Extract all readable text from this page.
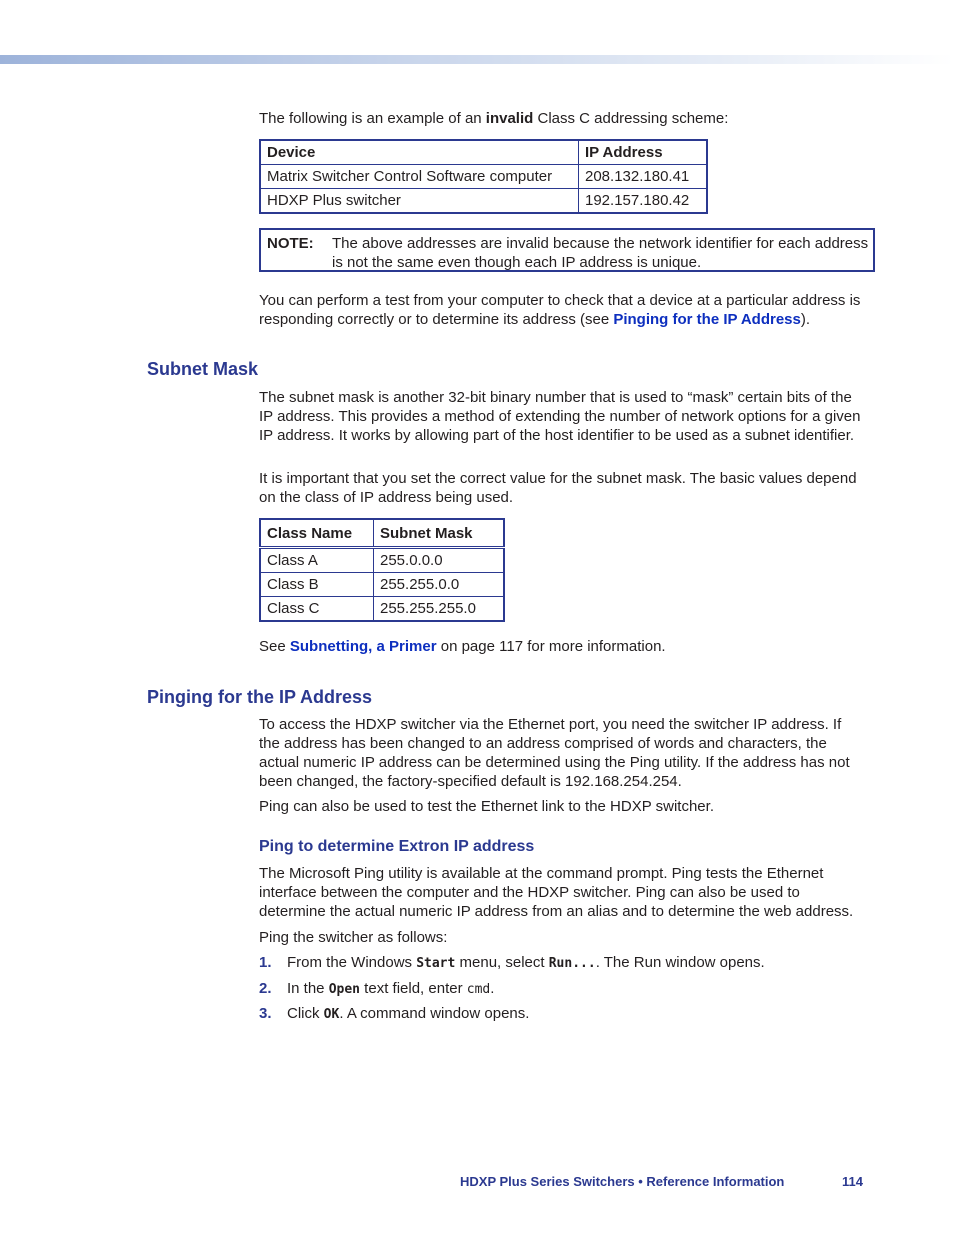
The following is an example of an invalid Class C addressing scheme:

Device	IP Address
Matrix Switcher Control Software computer	208.132.180.41
HDXP Plus switcher	192.157.180.42
NOTE: The above addresses are invalid because the network identifier for each address is not the same even though each IP address is unique.

You can perform a test from your computer to check that a device at a particular address is responding correctly or to determine its address (see Pinging for the IP Address).

Subnet Mask

The subnet mask is another 32-bit binary number that is used to “mask” certain bits of the IP address. This provides a method of extending the number of network options for a given IP address. It works by allowing part of the host identifier to be used as a subnet identifier.

It is important that you set the correct value for the subnet mask. The basic values depend on the class of IP address being used.

Class Name	Subnet Mask
Class A	255.0.0.0
Class B	255.255.0.0
Class C	255.255.255.0

See Subnetting, a Primer on page 117 for more information.

Pinging for the IP Address

To access the HDXP switcher via the Ethernet port, you need the switcher IP address. If the address has been changed to an address comprised of words and characters, the actual numeric IP address can be determined using the Ping utility. If the address has not been changed, the factory-specified default is 192.168.254.254.

Ping can also be used to test the Ethernet link to the HDXP switcher.

Ping to determine Extron IP address

The Microsoft Ping utility is available at the command prompt. Ping tests the Ethernet interface between the computer and the HDXP switcher. Ping can also be used to determine the actual numeric IP address from an alias and to determine the web address.

Ping the switcher as follows:

1. From the Windows Start menu, select Run.... The Run window opens.
2. In the Open text field, enter cmd.
3. Click OK. A command window opens.
HDXP Plus Series Switchers • Reference Information	114
